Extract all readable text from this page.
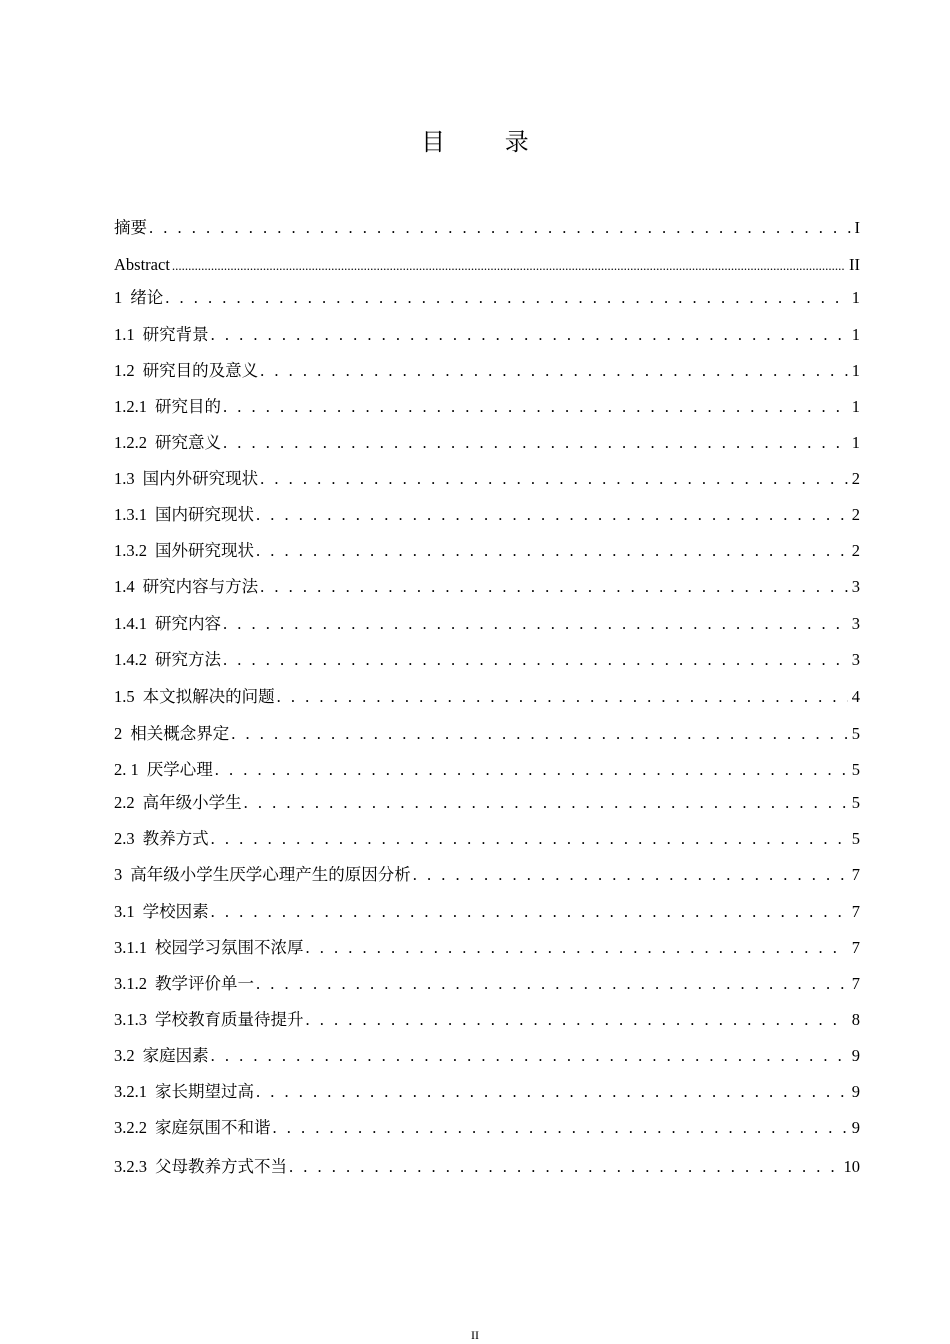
目 录
摘要 . . .	I
Abstract .....	II
1 绪论 . . .	1
1.1 研究背景 . . .	1
1.2 研究目的及意义 . . .	1
1.2.1 研究目的 . . .	1
1.2.2 研究意义 . . .	1
1.3 国内外研究现状 . . .	2
1.3.1 国内研究现状 . . .	2
1.3.2 国外研究现状 . . .	2
1.4 研究内容与方法 . . .	3
1.4.1 研究内容 . . .	3
1.4.2 研究方法 . . .	3
1.5 本文拟解决的问题 . . .	4
2 相关概念界定 . . .	5
2. 1 厌学心理 . . .	5
2.2 高年级小学生 . . .	5
2.3 教养方式 . . .	5
3 高年级小学生厌学心理产生的原因分析 . . .	7
3.1 学校因素 . . .	7
3.1.1 校园学习氛围不浓厚 . . .	7
3.1.2 教学评价单一 . . .	7
3.1.3 学校教育质量待提升 . . .	8
3.2 家庭因素 . . .	9
3.2.1 家长期望过高 . . .	9
3.2.2 家庭氛围不和谐 . . .	9
3.2.3 父母教养方式不当 . . .	10
II
